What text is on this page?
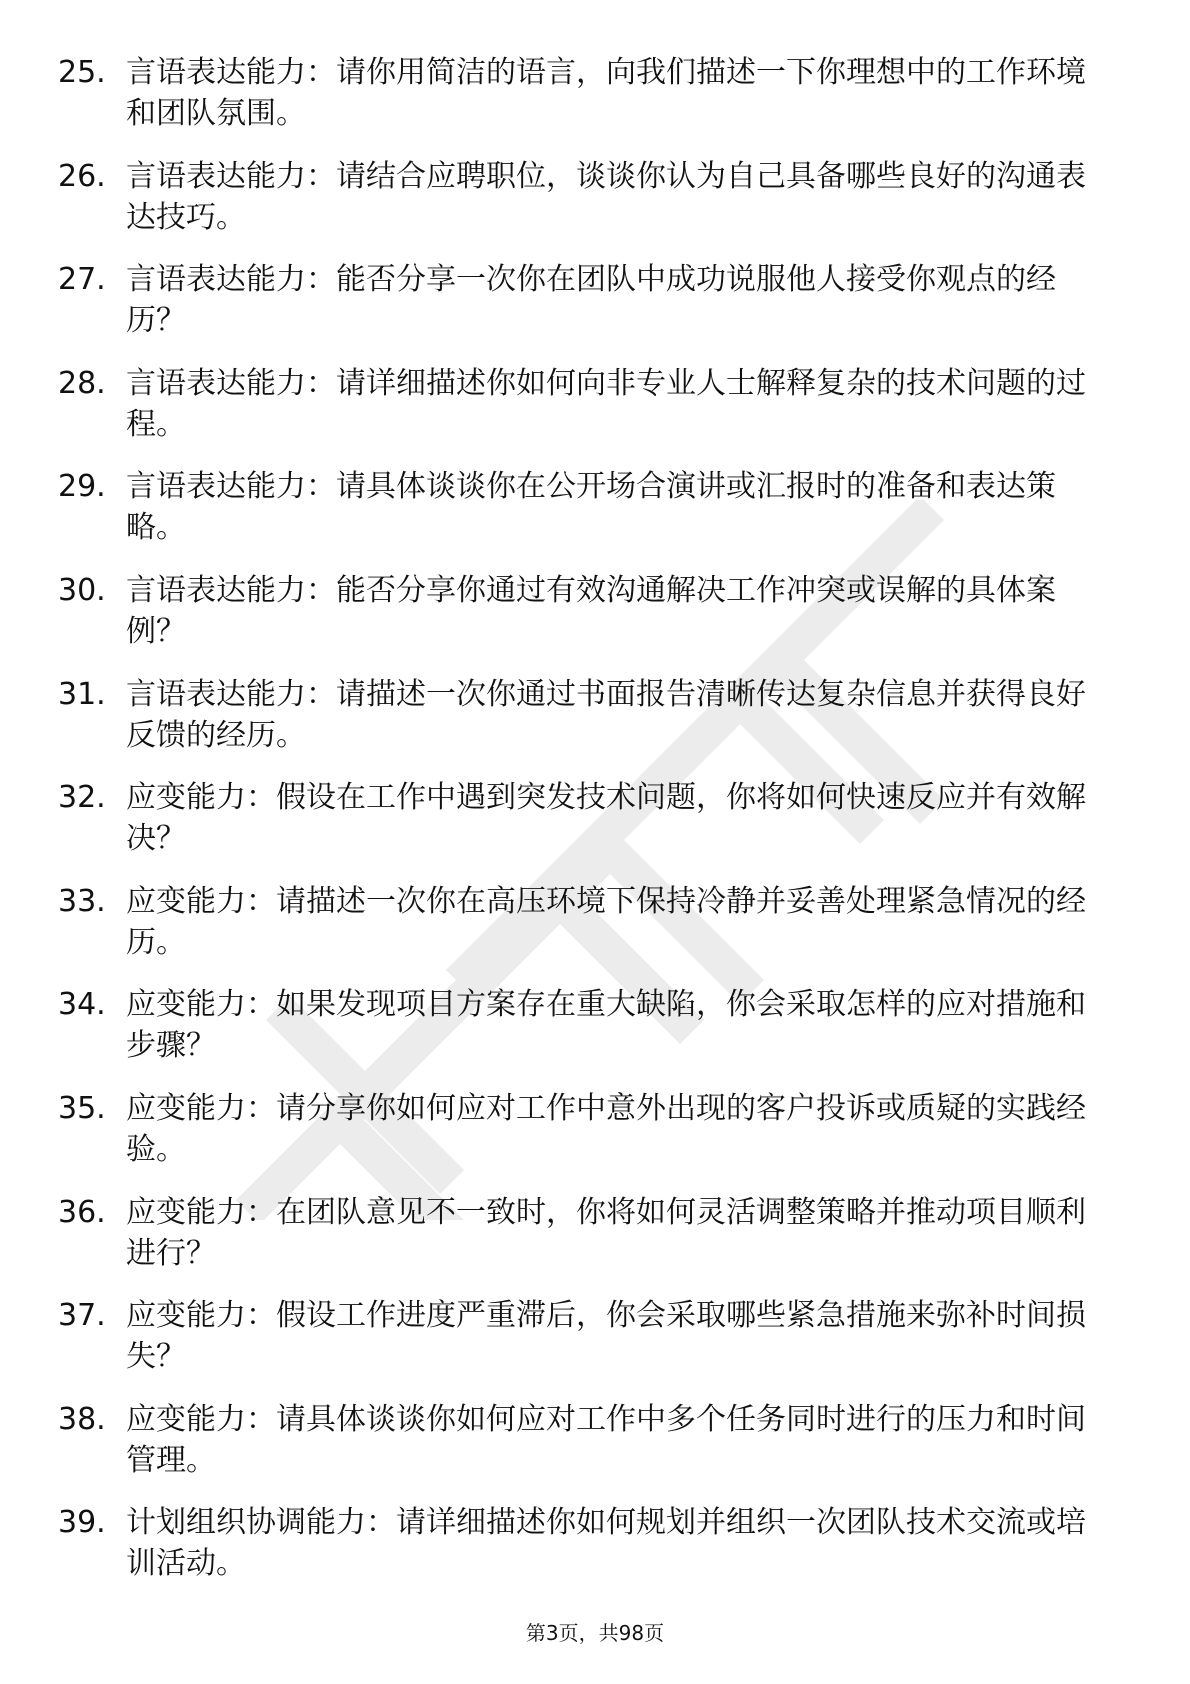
25. 言语表达能力：请你用简洁的语言，向我们描述一下你理想中的工作环境和团队氛围。
26. 言语表达能力：请结合应聘职位，谈谈你认为自己具备哪些良好的沟通表达技巧。
27. 言语表达能力：能否分享一次你在团队中成功说服他人接受你观点的经历？
28. 言语表达能力：请详细描述你如何向非专业人士解释复杂的技术问题的过程。
29. 言语表达能力：请具体谈谈你在公开场合演讲或汇报时的准备和表达策略。
30. 言语表达能力：能否分享你通过有效沟通解决工作冲突或误解的具体案例？
31. 言语表达能力：请描述一次你通过书面报告清晰传达复杂信息并获得良好反馈的经历。
32. 应变能力：假设在工作中遇到突发技术问题，你将如何快速反应并有效解决？
33. 应变能力：请描述一次你在高压环境下保持冷静并妥善处理紧急情况的经历。
34. 应变能力：如果发现项目方案存在重大缺陷，你会采取怎样的应对措施和步骤？
35. 应变能力：请分享你如何应对工作中意外出现的客户投诉或质疑的实践经验。
36. 应变能力：在团队意见不一致时，你将如何灵活调整策略并推动项目顺利进行？
37. 应变能力：假设工作进度严重滞后，你会采取哪些紧急措施来弥补时间损失？
38. 应变能力：请具体谈谈你如何应对工作中多个任务同时进行的压力和时间管理。
39. 计划组织协调能力：请详细描述你如何规划并组织一次团队技术交流或培训活动。
第3页，共98页
